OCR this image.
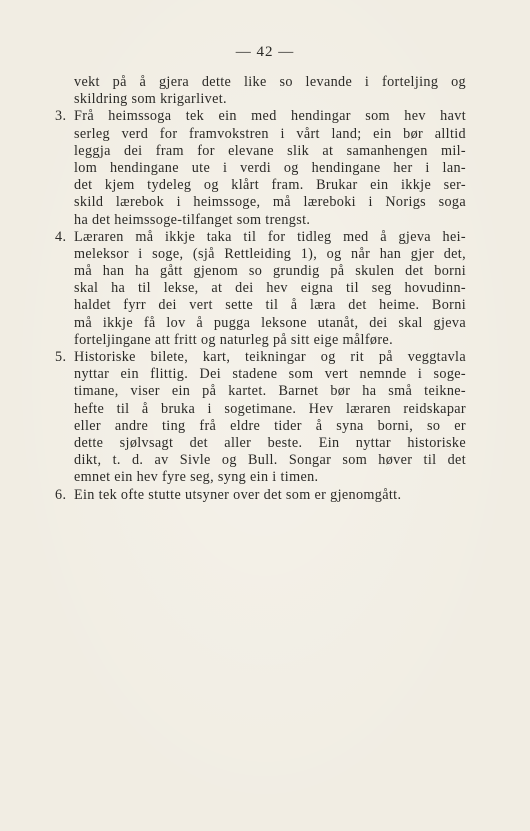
— 42 —
vekt på å gjera dette like so levande i forteljing og
skildring som krigarlivet.
3. Frå heimssoga tek ein med hendingar som hev havt
serleg verd for framvokstren i vårt land; ein bør alltid
leggja dei fram for elevane slik at samanhengen mil-
lom hendingane ute i verdi og hendingane her i lan-
det kjem tydeleg og klårt fram. Brukar ein ikkje ser-
skild lærebok i heimssoge, må læreboki i Norigs soga
ha det heimssoge-tilfanget som trengst.
4. Læraren må ikkje taka til for tidleg med å gjeva hei-
meleksor i soge, (sjå Rettleiding 1), og når han gjer det,
må han ha gått gjenom so grundig på skulen det borni
skal ha til lekse, at dei hev eigna til seg hovudinn-
haldet fyrr dei vert sette til å læra det heime. Borni
må ikkje få lov å pugga leksone utanåt, dei skal gjeva
forteljingane att fritt og naturleg på sitt eige målføre.
5. Historiske bilete, kart, teikningar og rit på veggtavla
nyttar ein flittig. Dei stadene som vert nemnde i soge-
timane, viser ein på kartet. Barnet bør ha små teikne-
hefte til å bruka i sogetimane. Hev læraren reidskapar
eller andre ting frå eldre tider å syna borni, so er
dette sjølvsagt det aller beste. Ein nyttar historiske
dikt, t. d. av Sivle og Bull. Songar som høver til det
emnet ein hev fyre seg, syng ein i timen.
6. Ein tek ofte stutte utsyner over det som er gjenomgått.
